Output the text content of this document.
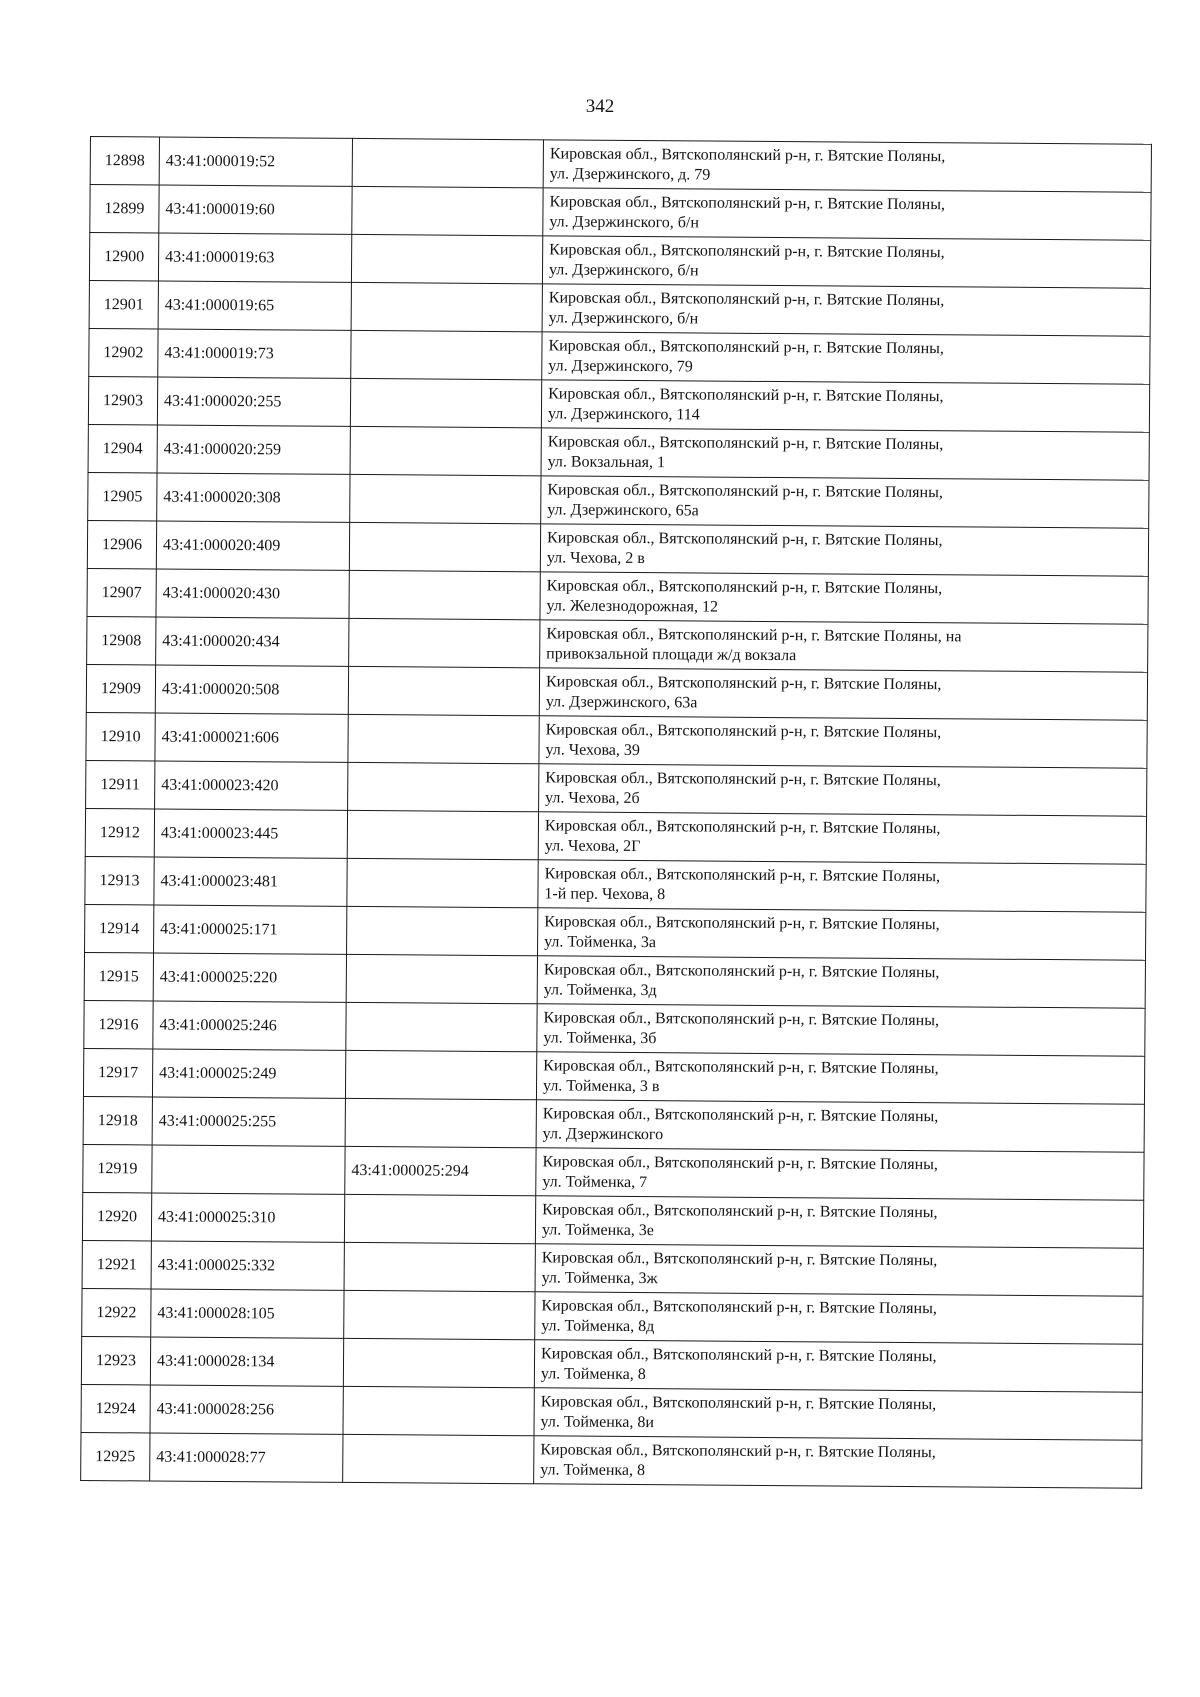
342
12898	43:41:000019:52		Кировская обл., Вятскополянский р-н, г. Вятские Поляны,
ул. Дзержинского, д. 79

12899	43:41:000019:60		Кировская обл., Вятскополянский р-н, г. Вятские Поляны,
ул. Дзержинского, б/н

12900	43:41:000019:63		Кировская обл., Вятскополянский р-н, г. Вятские Поляны,
ул. Дзержинского, б/н

12901	43:41:000019:65		Кировская обл., Вятскополянский р-н, г. Вятские Поляны,
ул. Дзержинского, б/н

12902	43:41:000019:73		Кировская обл., Вятскополянский р-н, г. Вятские Поляны,
ул. Дзержинского, 79

12903	43:41:000020:255		Кировская обл., Вятскополянский р-н, г. Вятские Поляны,
ул. Дзержинского, 114

12904	43:41:000020:259		Кировская обл., Вятскополянский р-н, г. Вятские Поляны,
ул. Вокзальная, 1

12905	43:41:000020:308		Кировская обл., Вятскополянский р-н, г. Вятские Поляны,
ул. Дзержинского, 65а

12906	43:41:000020:409		Кировская обл., Вятскополянский р-н, г. Вятские Поляны,
ул. Чехова, 2 в

12907	43:41:000020:430		Кировская обл., Вятскополянский р-н, г. Вятские Поляны,
ул. Железнодорожная, 12

12908	43:41:000020:434		Кировская обл., Вятскополянский р-н, г. Вятские Поляны, на
привокзальной площади ж/д вокзала

12909	43:41:000020:508		Кировская обл., Вятскополянский р-н, г. Вятские Поляны,
ул. Дзержинского, 63а

12910	43:41:000021:606		Кировская обл., Вятскополянский р-н, г. Вятские Поляны,
ул. Чехова, 39

12911	43:41:000023:420		Кировская обл., Вятскополянский р-н, г. Вятские Поляны,
ул. Чехова, 2б

12912	43:41:000023:445		Кировская обл., Вятскополянский р-н, г. Вятские Поляны,
ул. Чехова, 2Г

12913	43:41:000023:481		Кировская обл., Вятскополянский р-н, г. Вятские Поляны,
1-й пер. Чехова, 8

12914	43:41:000025:171		Кировская обл., Вятскополянский р-н, г. Вятские Поляны,
ул. Тойменка, 3а

12915	43:41:000025:220		Кировская обл., Вятскополянский р-н, г. Вятские Поляны,
ул. Тойменка, 3д

12916	43:41:000025:246		Кировская обл., Вятскополянский р-н, г. Вятские Поляны,
ул. Тойменка, 3б

12917	43:41:000025:249		Кировская обл., Вятскополянский р-н, г. Вятские Поляны,
ул. Тойменка, 3 в

12918	43:41:000025:255		Кировская обл., Вятскополянский р-н, г. Вятские Поляны,
ул. Дзержинского

12919		43:41:000025:294	Кировская обл., Вятскополянский р-н, г. Вятские Поляны,
ул. Тойменка, 7

12920	43:41:000025:310		Кировская обл., Вятскополянский р-н, г. Вятские Поляны,
ул. Тойменка, 3е

12921	43:41:000025:332		Кировская обл., Вятскополянский р-н, г. Вятские Поляны,
ул. Тойменка, 3ж

12922	43:41:000028:105		Кировская обл., Вятскополянский р-н, г. Вятские Поляны,
ул. Тойменка, 8д

12923	43:41:000028:134		Кировская обл., Вятскополянский р-н, г. Вятские Поляны,
ул. Тойменка, 8

12924	43:41:000028:256		Кировская обл., Вятскополянский р-н, г. Вятские Поляны,
ул. Тойменка, 8и

12925	43:41:000028:77		Кировская обл., Вятскополянский р-н, г. Вятские Поляны,
ул. Тойменка, 8
